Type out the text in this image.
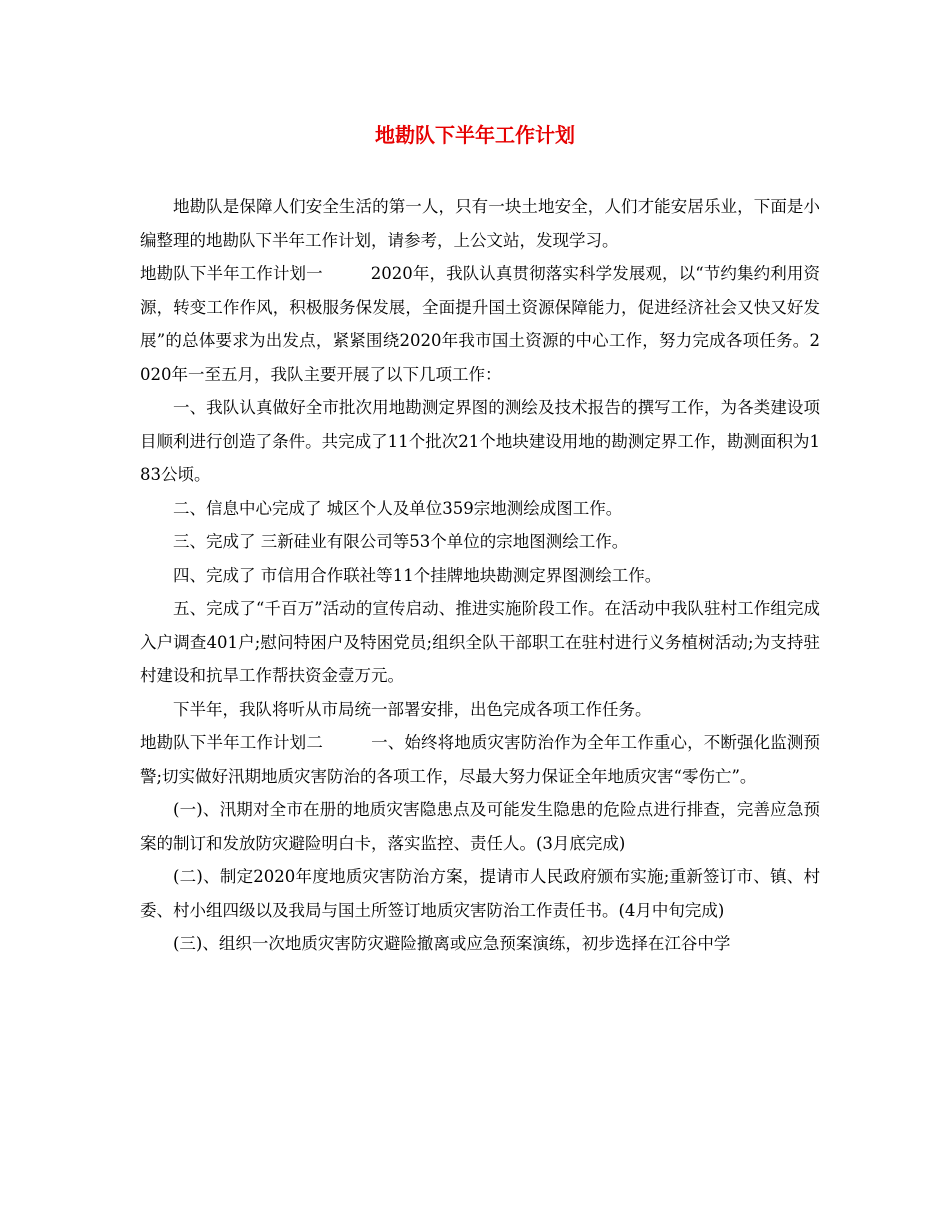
地勘队下半年工作计划

地勘队是保障人们安全生活的第一人，只有一块土地安全，人们才能安居乐业，下面是小编整理的地勘队下半年工作计划，请参考，上公文站，发现学习。

地勘队下半年工作计划一	2020年，我队认真贯彻落实科学发展观，以“节约集约利用资源，转变工作作风，积极服务保发展，全面提升国土资源保障能力，促进经济社会又快又好发展”的总体要求为出发点，紧紧围绕2020年我市国土资源的中心工作，努力完成各项任务。2020年一至五月，我队主要开展了以下几项工作：

一、我队认真做好全市批次用地勘测定界图的测绘及技术报告的撰写工作，为各类建设项目顺利进行创造了条件。共完成了11个批次21个地块建设用地的勘测定界工作，勘测面积为183公顷。

二、信息中心完成了 城区个人及单位359宗地测绘成图工作。

三、完成了 三新硅业有限公司等53个单位的宗地图测绘工作。

四、完成了 市信用合作联社等11个挂牌地块勘测定界图测绘工作。

五、完成了“千百万”活动的宣传启动、推进实施阶段工作。在活动中我队驻村工作组完成入户调查401户;慰问特困户及特困党员;组织全队干部职工在驻村进行义务植树活动;为支持驻村建设和抗旱工作帮扶资金壹万元。

下半年，我队将听从市局统一部署安排，出色完成各项工作任务。

地勘队下半年工作计划二	一、始终将地质灾害防治作为全年工作重心，不断强化监测预警;切实做好汛期地质灾害防治的各项工作，尽最大努力保证全年地质灾害“零伤亡”。

(一)、汛期对全市在册的地质灾害隐患点及可能发生隐患的危险点进行排查，完善应急预案的制订和发放防灾避险明白卡，落实监控、责任人。(3月底完成)

(二)、制定2020年度地质灾害防治方案，提请市人民政府颁布实施;重新签订市、镇、村委、村小组四级以及我局与国土所签订地质灾害防治工作责任书。(4月中旬完成)

(三)、组织一次地质灾害防灾避险撤离或应急预案演练，初步选择在江谷中学
